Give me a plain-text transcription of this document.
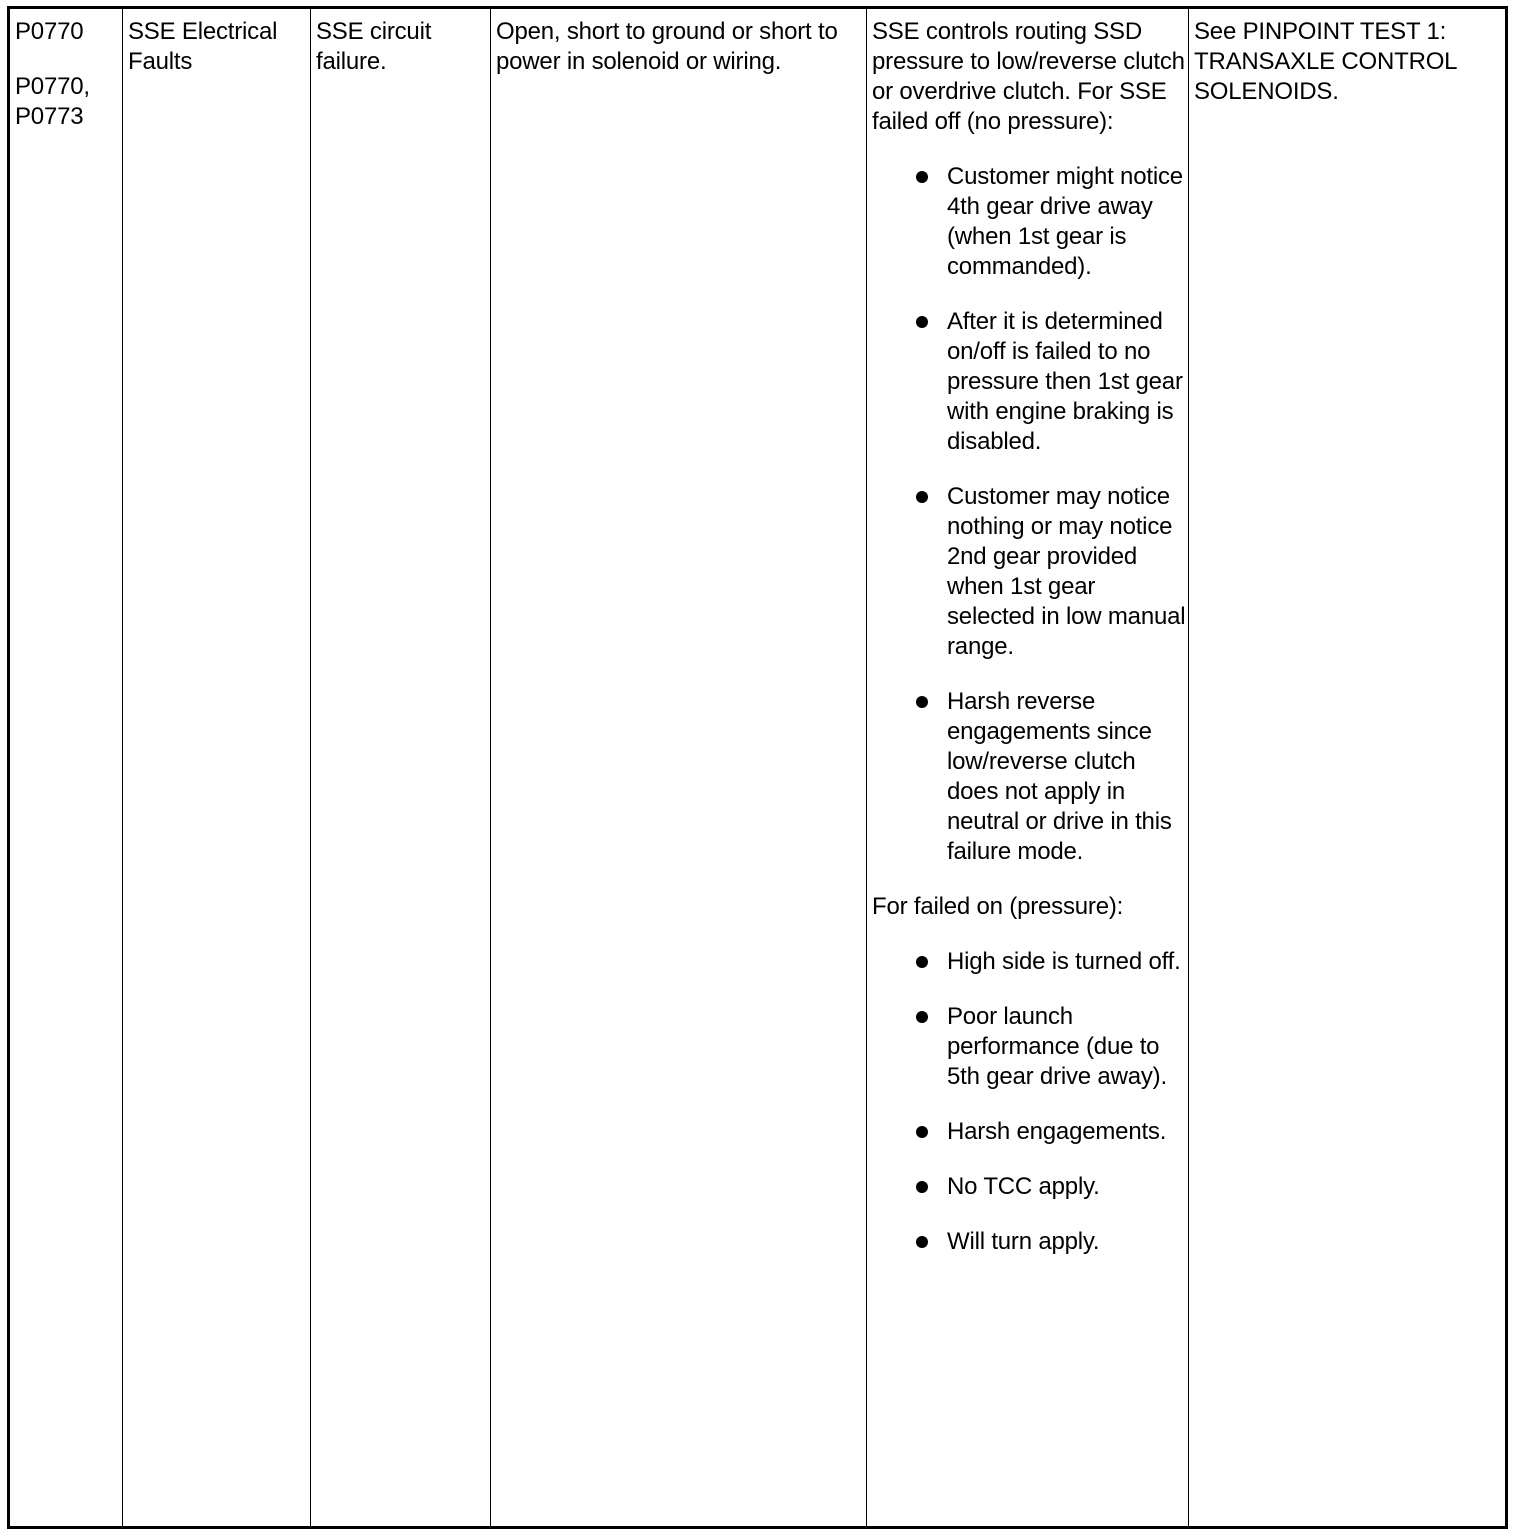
P0770

P0770, P0773

SSE Electrical Faults

SSE circuit failure.

Open, short to ground or short to power in solenoid or wiring.

SSE controls routing SSD pressure to low/reverse clutch or overdrive clutch. For SSE failed off (no pressure):

Customer might notice 4th gear drive away (when 1st gear is commanded).
After it is determined on/off is failed to no pressure then 1st gear with engine braking is disabled.
Customer may notice nothing or may notice 2nd gear provided when 1st gear selected in low manual range.
Harsh reverse engagements since low/reverse clutch does not apply in neutral or drive in this failure mode.

For failed on (pressure):

High side is turned off.
Poor launch performance (due to 5th gear drive away).
Harsh engagements.
No TCC apply.
Will turn apply.

See PINPOINT TEST 1: TRANSAXLE CONTROL SOLENOIDS.
